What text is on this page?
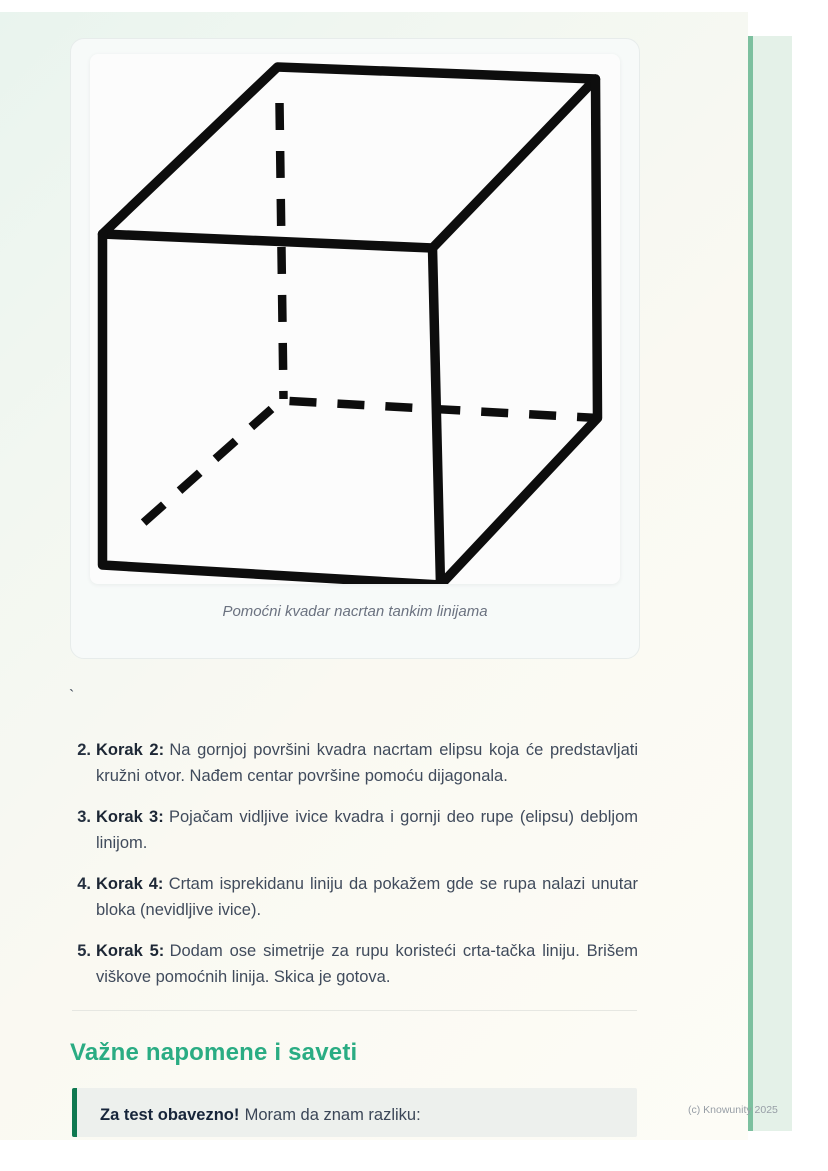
(c) Knowunity 2025
Pomoćni kvadar nacrtan tankim linijama
`
2. Korak 2: Na gornjoj površini kvadra nacrtam elipsu koja će predstavljati kružni otvor. Nađem centar površine pomoću dijagonala.
3. Korak 3: Pojačam vidljive ivice kvadra i gornji deo rupe (elipsu) debljom linijom.
4. Korak 4: Crtam isprekidanu liniju da pokažem gde se rupa nalazi unutar bloka (nevidljive ivice).
5. Korak 5: Dodam ose simetrije za rupu koristeći crta-tačka liniju. Brišem viškove pomoćnih linija. Skica je gotova.
Važne napomene i saveti
Za test obavezno! Moram da znam razliku:
